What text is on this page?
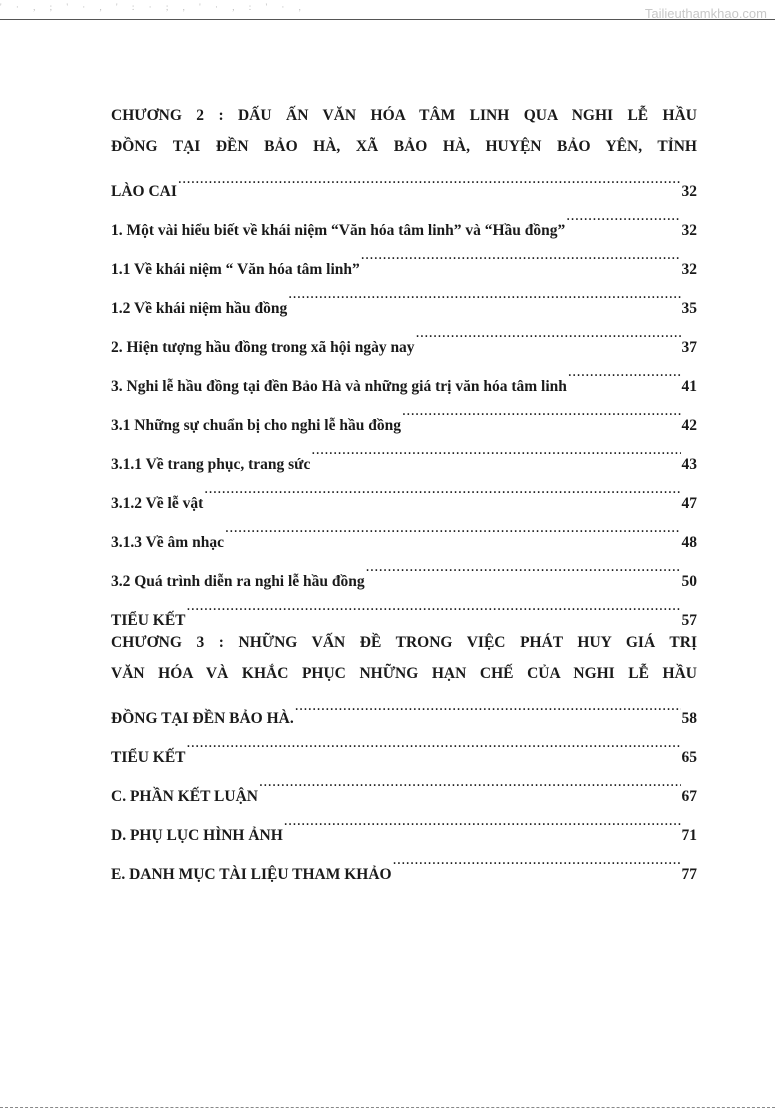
' · , ; ' · , ' : · ; , ' · , : ' · ,	Tailieuthamkhao.com
CHƯƠNG 2 : DẤU ẤN VĂN HÓA TÂM LINH QUA NGHI LỄ HẦU
ĐỒNG TẠI ĐỀN BẢO HÀ, XÃ BẢO HÀ, HUYỆN BẢO YÊN, TỈNH
LÀO CAI .....	32
1. Một vài hiểu biết về khái niệm “Văn hóa tâm linh” và “Hầu đồng” .....	32
1.1 Về khái niệm “ Văn hóa tâm linh” .....	32
1.2 Về khái niệm hầu đồng .....	35
2. Hiện tượng hầu đồng trong xã hội ngày nay .....	37
3. Nghi lễ hầu đồng tại đền Bảo Hà và những giá trị văn hóa tâm linh .....	41
3.1 Những sự chuẩn bị cho nghi lễ hầu đồng .....	42
3.1.1 Về trang phục, trang sức .....	43
3.1.2 Về lễ vật .....	47
3.1.3 Về âm nhạc .....	48
3.2 Quá trình diễn ra nghi lễ hầu đồng .....	50
TIỂU KẾT .....	57
CHƯƠNG 3 : NHỮNG VẤN ĐỀ TRONG VIỆC PHÁT HUY GIÁ TRỊ
VĂN HÓA VÀ KHẮC PHỤC NHỮNG HẠN CHẾ CỦA NGHI LỄ HẦU
ĐỒNG TẠI ĐỀN BẢO HÀ. .....	58
TIỂU KẾT .....	65
C. PHẦN KẾT LUẬN .....	67
D. PHỤ LỤC HÌNH ẢNH .....	71
E. DANH MỤC TÀI LIỆU THAM KHẢO .....	77
